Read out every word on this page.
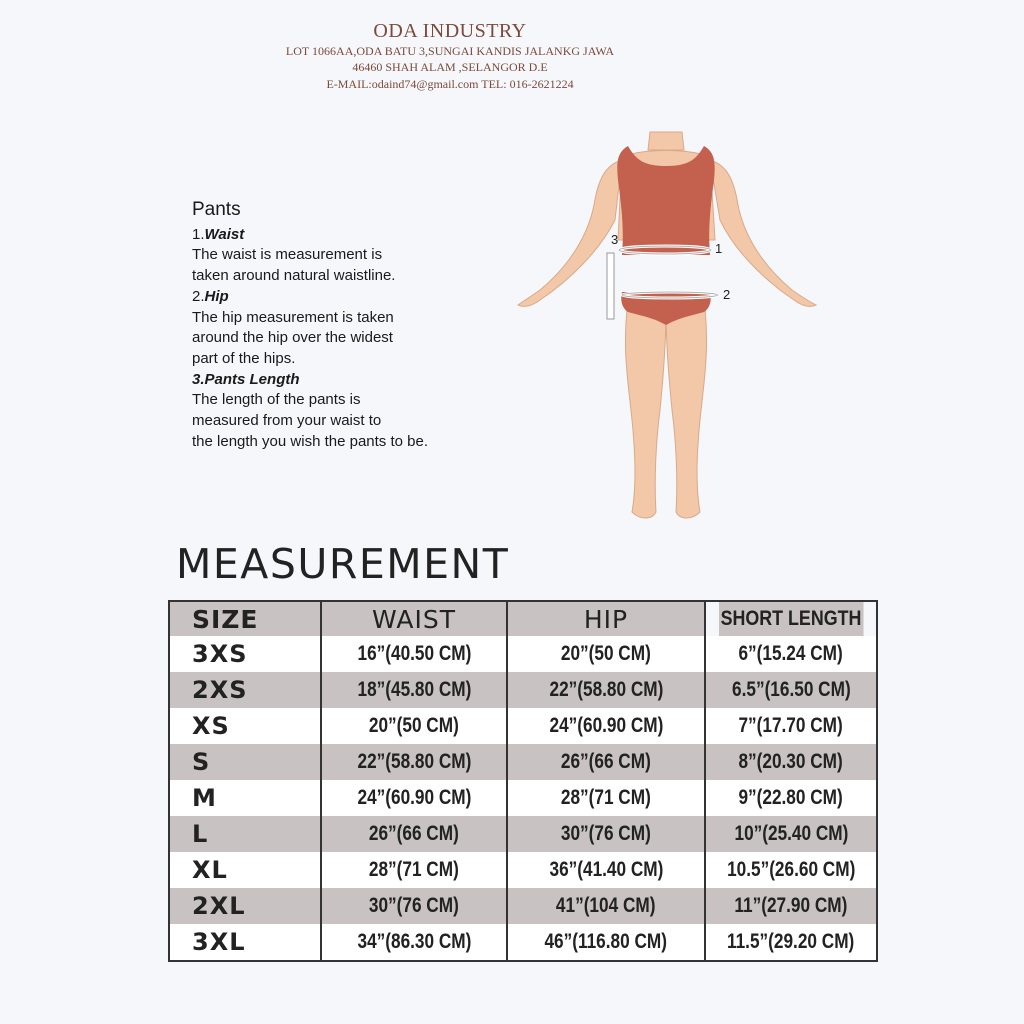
ODA INDUSTRY
LOT 1066AA,ODA BATU 3,SUNGAI KANDIS JALANKG JAWA
46460 SHAH ALAM ,SELANGOR D.E
E-MAIL:odaind74@gmail.com TEL: 016-2621224
Pants
1.Waist
The waist is measurement is
taken around natural waistline.
2.Hip
The hip measurement is taken
around the hip over the widest
part of the hips.
3.Pants Length
The length of the pants is
measured from your waist to
the length you wish the pants to be.
1
2
3
MEASUREMENT
SIZE	WAIST	HIP	SHORT LENGTH
3XS	16”(40.50 CM)	20”(50 CM)	6”(15.24 CM)
2XS	18”(45.80 CM)	22”(58.80 CM)	6.5”(16.50 CM)
XS	20”(50 CM)	24”(60.90 CM)	7”(17.70 CM)
S	22”(58.80 CM)	26”(66 CM)	8”(20.30 CM)
M	24”(60.90 CM)	28”(71 CM)	9”(22.80 CM)
L	26”(66 CM)	30”(76 CM)	10”(25.40 CM)
XL	28”(71 CM)	36”(41.40 CM)	10.5”(26.60 CM)
2XL	30”(76 CM)	41”(104 CM)	11”(27.90 CM)
3XL	34”(86.30 CM)	46”(116.80 CM)	11.5”(29.20 CM)
